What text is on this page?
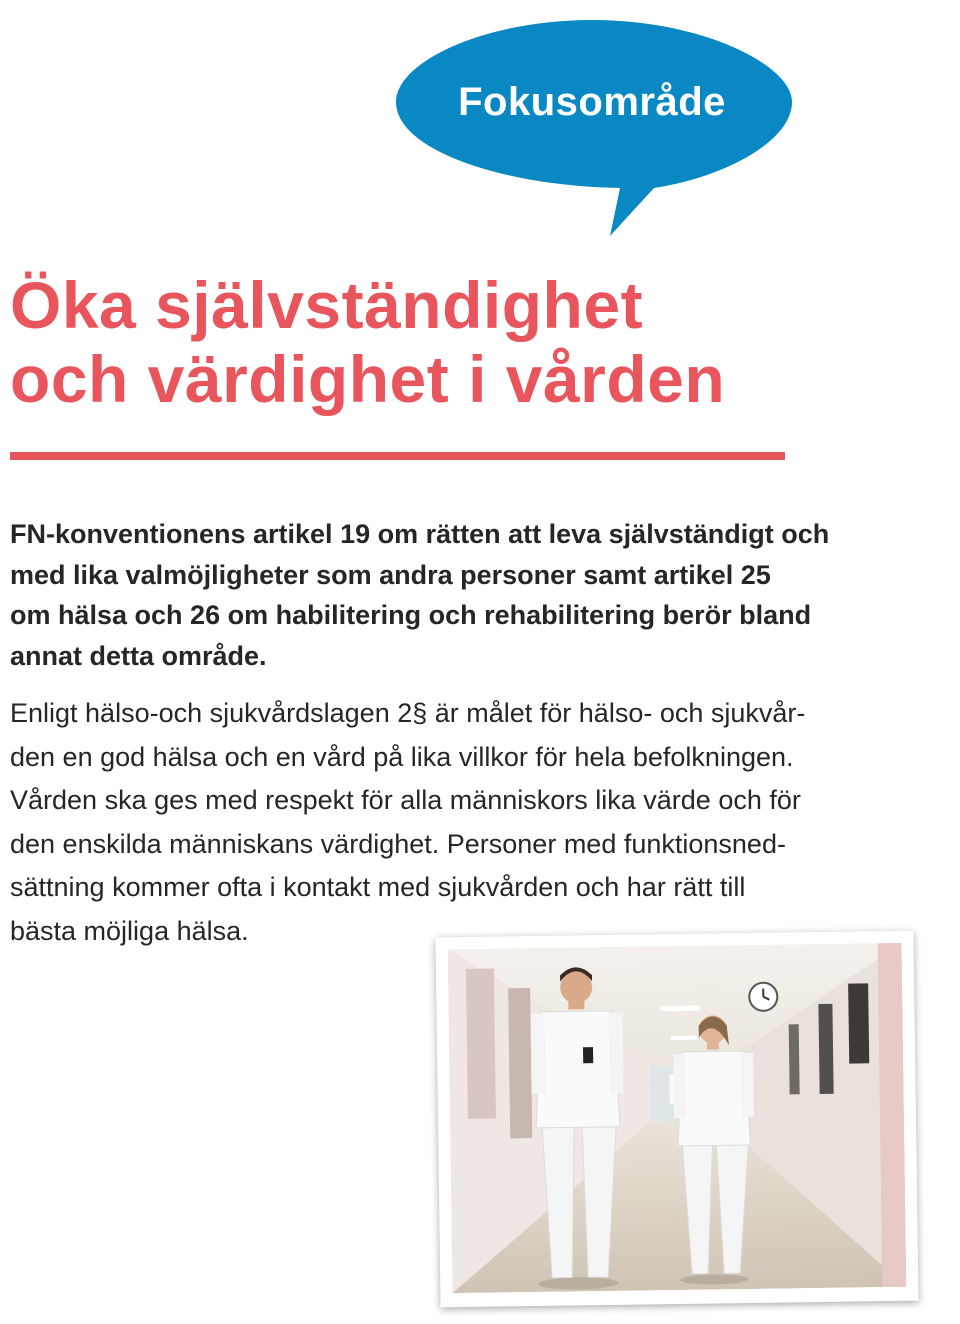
Fokusområde
Öka självständighet
och värdighet i vården

FN-konventionens artikel 19 om rätten att leva självständigt och
med lika valmöjligheter som andra personer samt artikel 25
om hälsa och 26 om habilitering och rehabilitering berör bland
annat detta område.

Enligt hälso-och sjukvårdslagen 2§ är målet för hälso- och sjukvår-
den en god hälsa och en vård på lika villkor för hela befolkningen.
Vården ska ges med respekt för alla människors lika värde och för
den enskilda människans värdighet. Personer med funktionsned-
sättning kommer ofta i kontakt med sjukvården och har rätt till
bästa möjliga hälsa.
